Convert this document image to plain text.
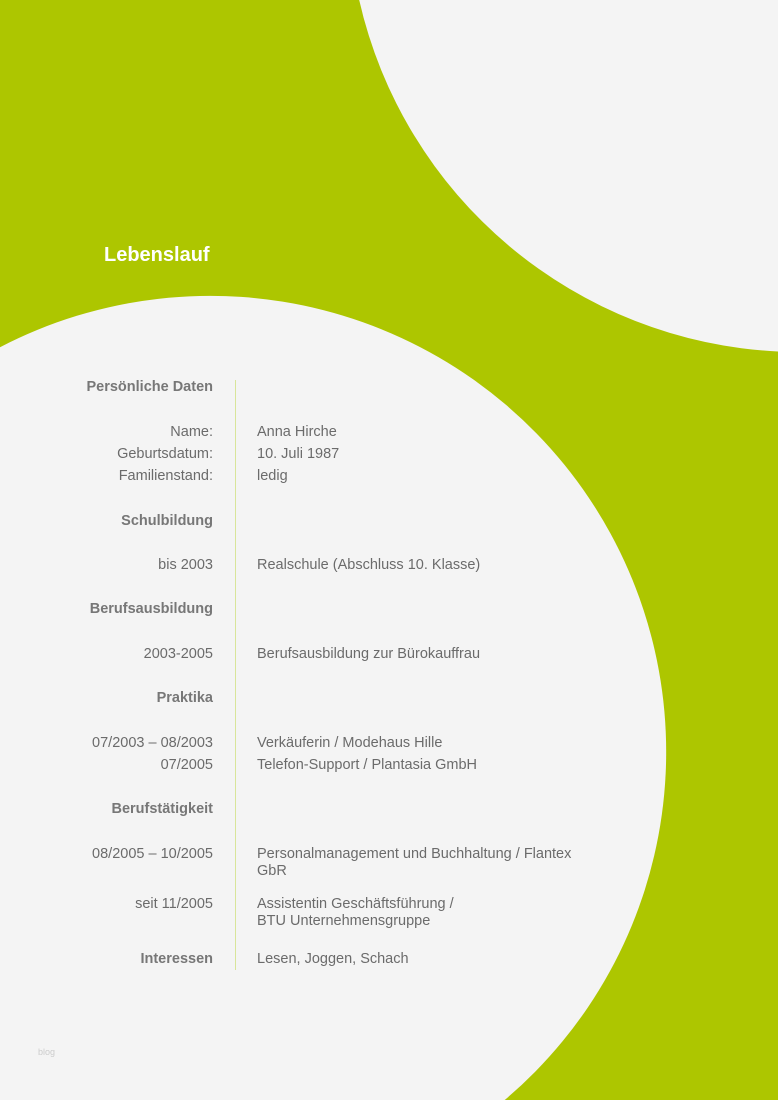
Lebenslauf
Persönliche Daten
Name:	Anna Hirche
Geburtsdatum:	10. Juli 1987
Familienstand:	ledig
Schulbildung
bis 2003	Realschule (Abschluss 10. Klasse)
Berufsausbildung
2003-2005	Berufsausbildung zur Bürokauffrau
Praktika
07/2003 – 08/2003	Verkäuferin / Modehaus Hille
07/2005	Telefon-Support / Plantasia GmbH
Berufstätigkeit
08/2005 – 10/2005	Personalmanagement und Buchhaltung / Flantex GbR
seit 11/2005	Assistentin Geschäftsführung / BTU Unternehmensgruppe
Interessen	Lesen, Joggen, Schach
blog
